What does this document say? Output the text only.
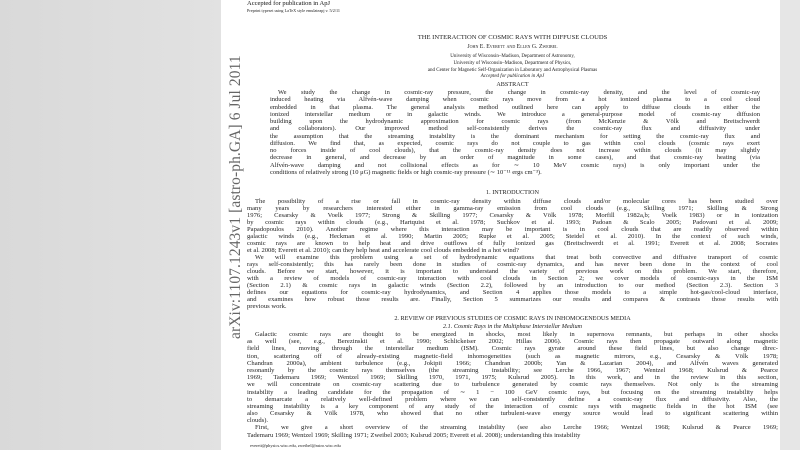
Accepted for publication in ApJ
Preprint typeset using LaTeX style emulateapj v. 5/2/11
arXiv:1107.1243v1 [astro-ph.GA] 6 Jul 2011
THE INTERACTION OF COSMIC RAYS WITH DIFFUSE CLOUDS
John E. Everett and Ellen G. Zweibel
University of Wisconsin–Madison, Department of Astronomy,
University of Wisconsin–Madison, Department of Physics,
and Center for Magnetic Self-Organization in Laboratory and Astrophysical Plasmas
Accepted for publication in ApJ
ABSTRACT
We study the change in cosmic-ray pressure, the change in cosmic-ray density, and the level of cosmic-ray
induced heating via Alfvén-wave damping when cosmic rays move from a hot ionized plasma to a cool cloud
embedded in that plasma. The general analysis method outlined here can apply to diffuse clouds in either the
ionized interstellar medium or in galactic winds. We introduce a general-purpose model of cosmic-ray diffusion
building upon the hydrodynamic approximation for cosmic rays (from McKenzie & Völk and Breitschwerdt
and collaborators). Our improved method self-consistently derives the cosmic-ray flux and diffusivity under
the assumption that the streaming instability is the dominant mechanism for setting the cosmic-ray flux and
diffusion. We find that, as expected, cosmic rays do not couple to gas within cool clouds (cosmic rays exert
no forces inside of cool clouds), that the cosmic-ray density does not increase within clouds (it may slightly
decrease in general, and decrease by an order of magnitude in some cases), and that cosmic-ray heating (via
Alfvén-wave damping and not collisional effects as for ∼ 10 MeV cosmic rays) is only important under the
conditions of relatively strong (10 μG) magnetic fields or high cosmic-ray pressure (∼ 10⁻¹¹ ergs cm⁻³).
1. INTRODUCTION
The possibility of a rise or fall in cosmic-ray density within diffuse clouds and/or molecular cores has been studied over
many years by researchers interested either in gamma-ray emission from cool clouds (e.g., Skilling 1971; Skilling & Strong
1976; Cesarsky & Voelk 1977; Strong & Skilling 1977; Cesarsky & Völk 1978; Morfill 1982a,b; Voelk 1983) or in ionization
by cosmic rays within clouds (e.g., Hartquist et al. 1978; Suchkov et al. 1993; Padoan & Scalo 2005; Padovani et al. 2009;
Papadopoulos 2010). Another regime where this interaction may be important is in cool clouds that are readily observed within
galactic winds (e.g., Heckman et al. 1990; Martin 2005; Rupke et al. 2005; Steidel et al. 2010). In the context of such winds,
cosmic rays are known to help heat and drive outflows of fully ionized gas (Breitschwerdt et al. 1991; Everett et al. 2008; Socrates
et al. 2008; Everett et al. 2010); can they help heat and accelerate cool clouds embedded in a hot wind?
We will examine this problem using a set of hydrodynamic equations that treat both convective and diffusive transport of cosmic
rays self-consistently; this has rarely been done in studies of cosmic-ray dynamics, and has never been done in the context of cool
clouds. Before we start, however, it is important to understand the variety of previous work on this problem. We start, therefore,
with a review of models of cosmic-ray interaction with cool clouds in Section 2; we cover models of cosmic-rays in the ISM
(Section 2.1) & cosmic rays in galactic winds (Section 2.2), followed by an introduction to our method (Section 2.3). Section 3
defines our equations for cosmic-ray hydrodynamics, and Section 4 applies those models to a simple hot-gas/cool-cloud interface,
and examines how robust those results are. Finally, Section 5 summarizes our results and compares & contrasts those results with
previous work.
2. REVIEW OF PREVIOUS STUDIES OF COSMIC RAYS IN INHOMOGENEOUS MEDIA
2.1. Cosmic Rays in the Multiphase Interstellar Medium
Galactic cosmic rays are thought to be energized in shocks, most likely in supernova remnants, but perhaps in other shocks
as well (see, e.g., Berezinskii et al. 1990; Schlickeiser 2002; Hillas 2006). Cosmic rays then propagate outward along magnetic
field lines, moving through the interstellar medium (ISM). Cosmic rays gyrate around these field lines, but also change direc-
tion, scattering off of already-existing magnetic-field inhomogeneities (such as magnetic mirrors, e.g., Cesarsky & Völk 1978;
Chandran 2000a), ambient turbulence (e.g., Jokipii 1966; Chandran 2000b; Yan & Lazarian 2004), and Alfvén waves generated
resonantly by the cosmic rays themselves (the streaming instability; see Lerche 1966, 1967; Wentzel 1968; Kulsrud & Pearce
1969; Tademaru 1969; Wentzel 1969; Skilling 1970, 1971, 1975; Kulsrud 2005). In this work, and in the review in this section,
we will concentrate on cosmic-ray scattering due to turbulence generated by cosmic rays themselves. Not only is the streaming
instability a leading candidate for the propagation of ∼ 1 − 100 GeV cosmic rays, but focusing on the streaming instability helps
to demarcate a relatively well-defined problem where we can self-consistently define a cosmic-ray flux and diffusivity. Also, the
streaming instability is a key component of any study of the interaction of cosmic rays with magnetic fields in the hot ISM (see
also Cesarsky & Völk 1978, who showed that no other turbulent-wave energy source would lead to significant scattering within
clouds).
First, we give a short overview of the streaming instability (see also Lerche 1966; Wentzel 1968; Kulsrud & Pearce 1969;
Tademaru 1969; Wentzel 1969; Skilling 1971; Zweibel 2003; Kulsrud 2005; Everett et al. 2008); understanding this instability
everett@physics.wisc.edu, zweibel@astro.wisc.edu
